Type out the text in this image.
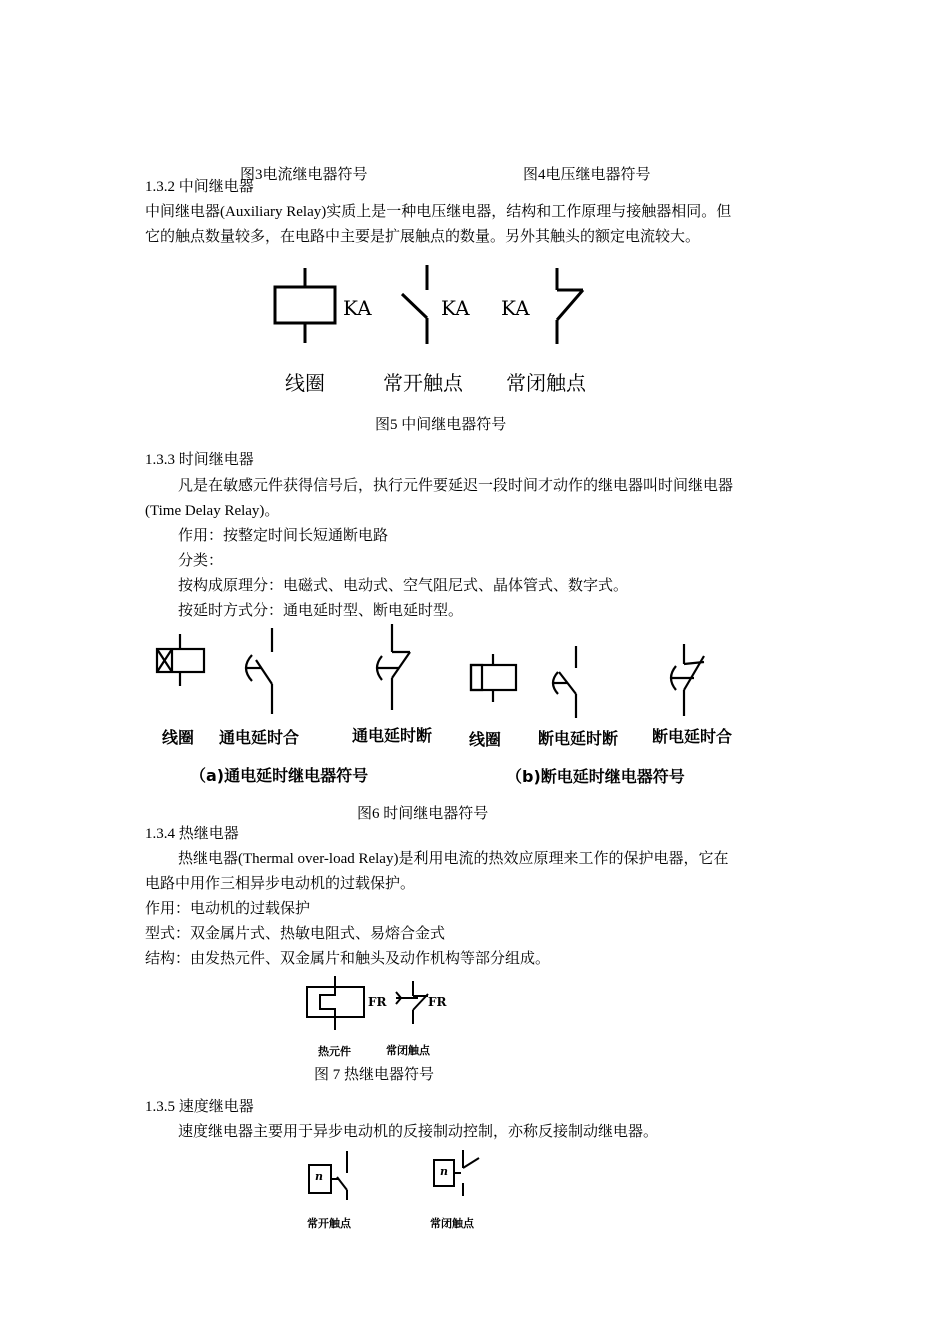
图3电流继电器符号	图4电压继电器符号
1.3.2 中间继电器
中间继电器(Auxiliary Relay)实质上是一种电压继电器，结构和工作原理与接触器相同。但
它的触点数量较多，在电路中主要是扩展触点的数量。另外其触头的额定电流较大。
KA	KA KA
线圈	常开触点 常闭触点
图5 中间继电器符号
1.3.3 时间继电器
凡是在敏感元件获得信号后，执行元件要延迟一段时间才动作的继电器叫时间继电器
(Time Delay Relay)。
作用：按整定时间长短通断电路
分类：
按构成原理分：电磁式、电动式、空气阻尼式、晶体管式、数字式。
按延时方式分：通电延时型、断电延时型。
线圈 通电延时合	通电延时断 线圈 断电延时断 断电延时合
（a)通电延时继电器符号	（b)断电延时继电器符号
图6 时间继电器符号
1.3.4 热继电器
热继电器(Thermal over-load Relay)是利用电流的热效应原理来工作的保护电器，它在
电路中用作三相异步电动机的过载保护。
作用：电动机的过载保护
型式：双金属片式、热敏电阻式、易熔合金式
结构：由发热元件、双金属片和触头及动作机构等部分组成。
FR	FR
热元件	常闭触点
图 7 热继电器符号
1.3.5 速度继电器
速度继电器主要用于异步电动机的反接制动控制，亦称反接制动继电器。
n	n
常开触点	常闭触点
